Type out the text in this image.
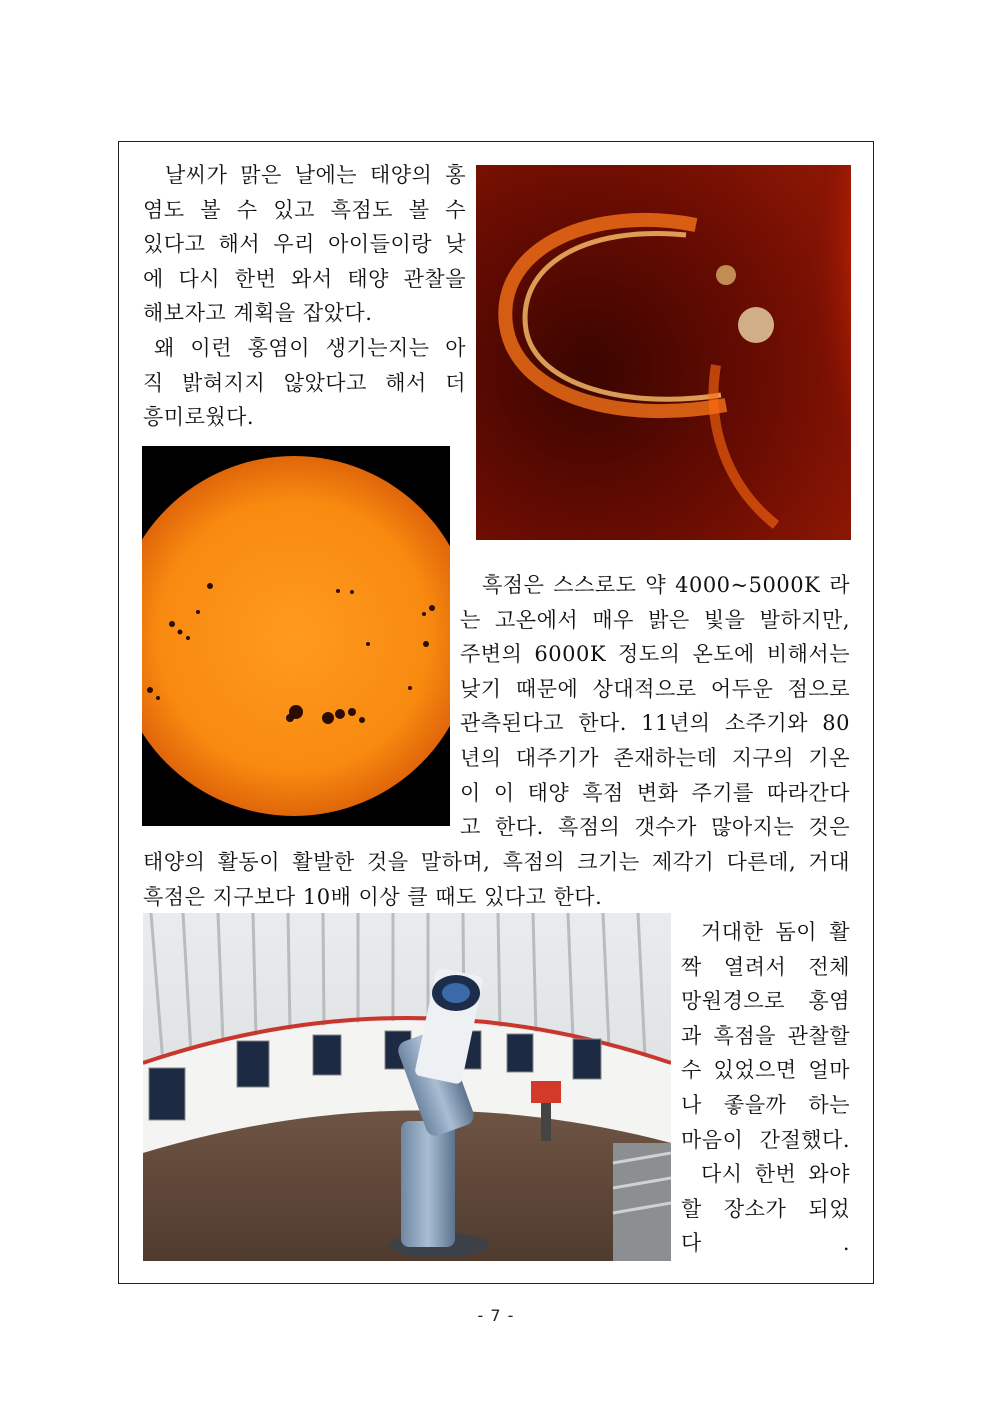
날씨가 맑은 날에는 태양의 홍
염도 볼 수 있고 흑점도 볼 수
있다고 해서 우리 아이들이랑 낮
에 다시 한번 와서 태양 관찰을
해보자고 계획을 잡았다.
왜 이런 홍염이 생기는지는 아
직 밝혀지지 않았다고 해서 더
흥미로웠다.
흑점은 스스로도 약 4000~5000K 라
는 고온에서 매우 밝은 빛을 발하지만,
주변의 6000K 정도의 온도에 비해서는
낮기 때문에 상대적으로 어두운 점으로
관측된다고 한다. 11년의 소주기와 80
년의 대주기가 존재하는데 지구의 기온
이 이 태양 흑점 변화 주기를 따라간다
고 한다. 흑점의 갯수가 많아지는 것은
태양의 활동이 활발한 것을 말하며, 흑점의 크기는 제각기 다른데, 거대
흑점은 지구보다 10배 이상 클 때도 있다고 한다.
거대한 돔이 활
짝 열려서 전체
망원경으로 홍염
과 흑점을 관찰할
수 있었으면 얼마
나 좋을까 하는
마음이 간절했다.
다시 한번 와야
할 장소가 되었
다 .
- 7 -
